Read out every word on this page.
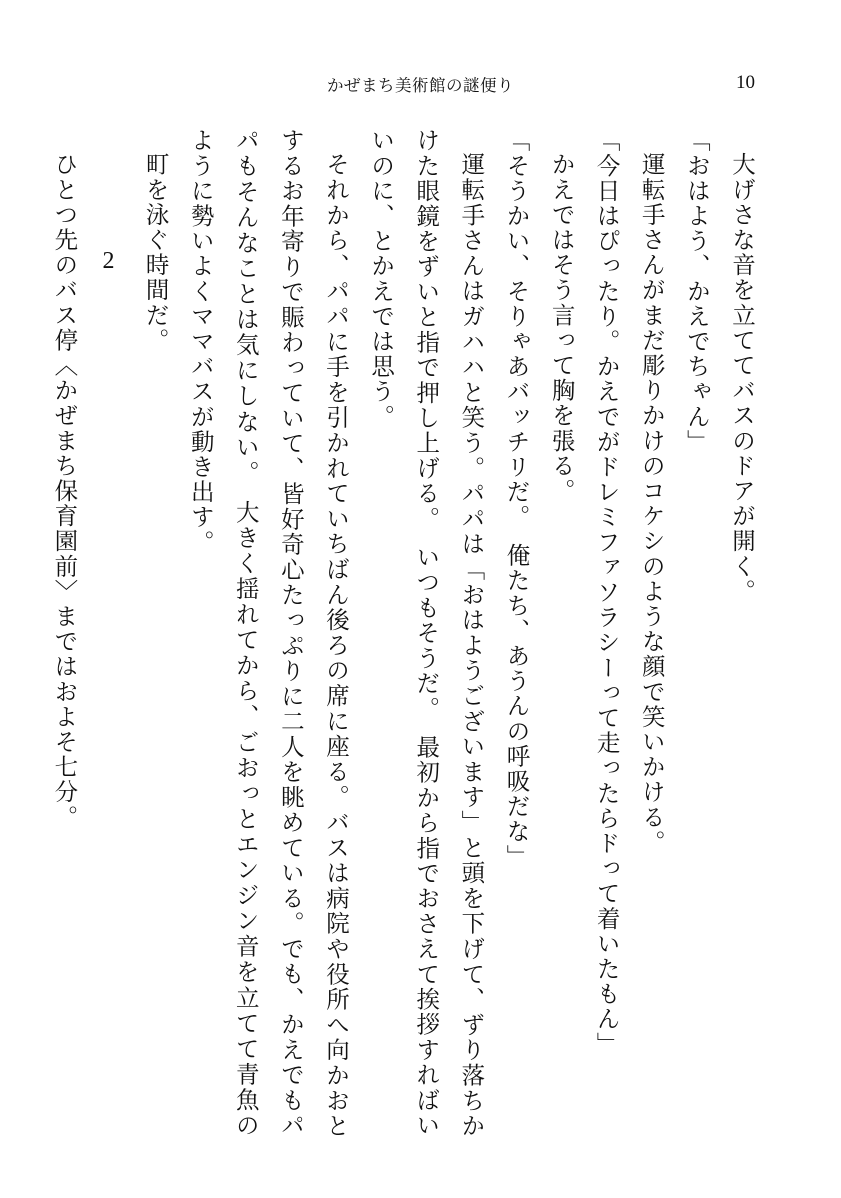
かぜまち美術館の謎便り	10

大げさな音を立ててバスのドアが開く。

「おはよう、かえでちゃん」

運転手さんがまだ彫りかけのコケシのような顔で笑いかける。

「今日はぴったり。かえでがドレミファソラシーって走ったらドって着いたもん」

かえではそう言って胸を張る。

「そうかい、そりゃあバッチリだ。　俺たち、あうんの呼吸だな」

運転手さんはガハハと笑う。パパは「おはようございます」と頭を下げて、ずり落ちかけた眼鏡をずいと指で押し上げる。　いつもそうだ。　最初から指でおさえて挨拶すればいいのに、とかえでは思う。

それから、パパに手を引かれていちばん後ろの席に座る。バスは病院や役所へ向かおとするお年寄りで賑わっていて、皆好奇心たっぷりに二人を眺めている。でも、かえでもパパもそんなことは気にしない。　大きく揺れてから、ごおっとエンジン音を立てて青魚のように勢いよくママバスが動き出す。

町を泳ぐ時間だ。

2

ひとつ先のバス停〈かぜまち保育園前〉まではおよそ七分。
